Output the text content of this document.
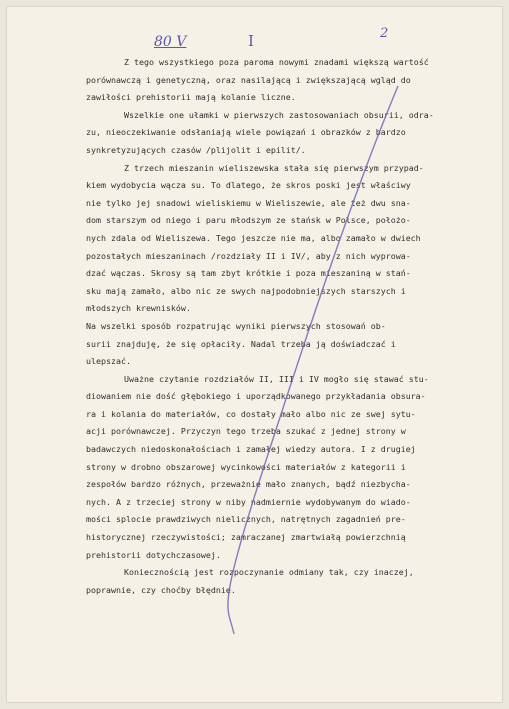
80 V	I	2

Z tego wszystkiego poza paroma nowymi znadami większą wartość
porównawczą i genetyczną, oraz nasilającą i zwiększającą wgląd do
zawiłości prehistorii mają kolanie liczne.

Wszelkie one ułamki w pierwszych zastosowaniach obsurii, odra-
zu, nieoczekiwanie odsłaniają wiele powiązań i obrazków z bardzo
synkretyzujących czasów /plijolit i epilit/.

Z trzech mieszanin wieliszewska stała się pierwszym przypad-
kiem wydobycia wącza su. To dlatego, że skros poski jest właściwy
nie tylko jej snadowi wieliskiemu w Wieliszewie, ale też dwu sna-
dom starszym od niego i paru młodszym ze stańsk w Polsce, położo-
nych zdala od Wieliszewa. Tego jeszcze nie ma, albo zamało w dwiech
pozostałych mieszaninach /rozdziały II i IV/, aby z nich wyprowa-
dzać wączas. Skrosy są tam zbyt krótkie i poza mieszaniną w stań-
sku mają zamało, albo nic ze swych najpodobniejszych starszych i
młodszych krewnisków.

Na wszelki sposób rozpatrując wyniki pierwszych stosowań ob-
surii znajduję, że się opłaciły. Nadal trzeba ją doświadczać i
ulepszać.

Uważne czytanie rozdziałów II, III i IV mogło się stawać stu-
diowaniem nie dość głębokiego i uporządkowanego przykładania obsura-
ra i kolania do materiałów, co dostały mało albo nic ze swej sytu-
acji porównawczej. Przyczyn tego trzeba szukać z jednej strony w
badawczych niedoskonałościach i zamałej wiedzy autora. I z drugiej
strony w drobno obszarowej wycinkowości materiałów z kategorii i
zespołów bardzo różnych, przeważnie mało znanych, bądź niezbycha-
nych. A z trzeciej strony w niby nadmiernie wydobywanym do wiado-
mości splocie prawdziwych nielicznych, natrętnych zagadnień pre-
historycznej rzeczywistości; zamraczanej zmartwiałą powierzchnią
prehistorii dotychczasowej.

Koniecznością jest rozpoczynanie odmiany tak, czy inaczej,
poprawnie, czy choćby błędnie.
